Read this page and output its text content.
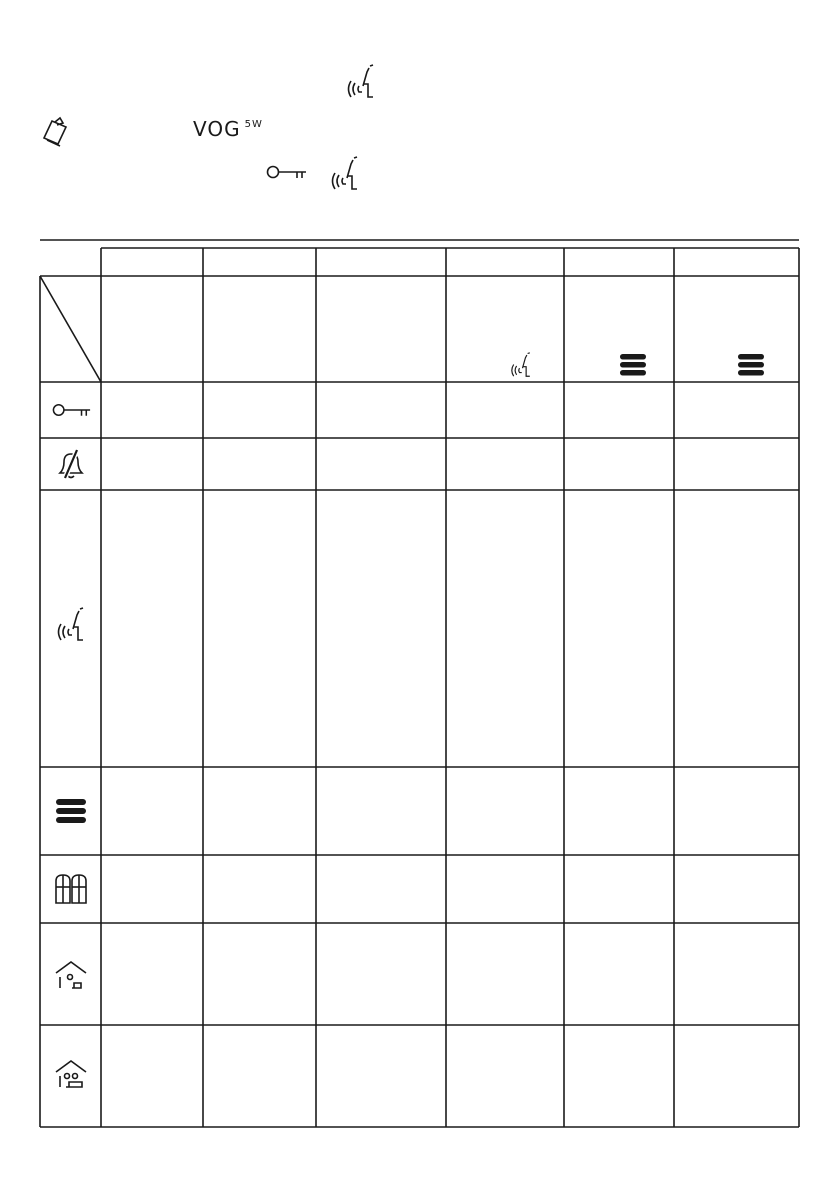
VOG $^{5W}$
